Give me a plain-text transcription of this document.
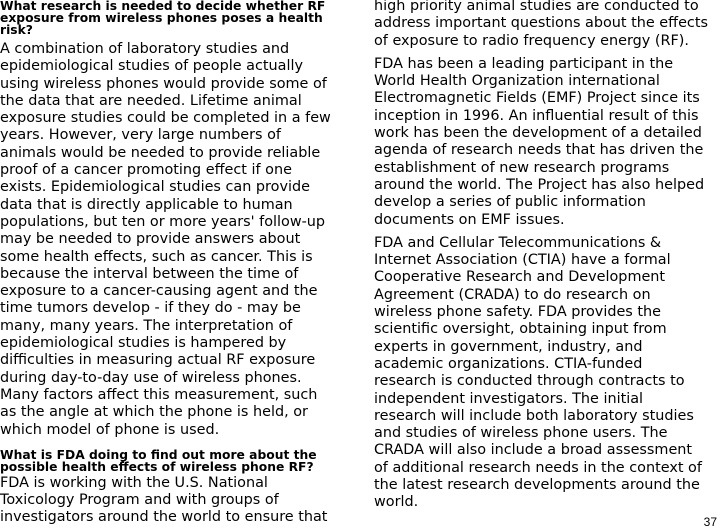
What research is needed to decide whether RF exposure from wireless phones poses a health risk?

A combination of laboratory studies and epidemiological studies of people actually using wireless phones would provide some of the data that are needed. Lifetime animal exposure studies could be completed in a few years. However, very large numbers of animals would be needed to provide reliable proof of a cancer promoting effect if one exists. Epidemiological studies can provide data that is directly applicable to human populations, but ten or more years' follow-up may be needed to provide answers about some health effects, such as cancer. This is because the interval between the time of exposure to a cancer-causing agent and the time tumors develop - if they do - may be many, many years. The interpretation of epidemiological studies is hampered by difficulties in measuring actual RF exposure during day-to-day use of wireless phones. Many factors affect this measurement, such as the angle at which the phone is held, or which model of phone is used.

What is FDA doing to find out more about the possible health effects of wireless phone RF?

FDA is working with the U.S. National Toxicology Program and with groups of investigators around the world to ensure that

high priority animal studies are conducted to address important questions about the effects of exposure to radio frequency energy (RF).

FDA has been a leading participant in the World Health Organization international Electromagnetic Fields (EMF) Project since its inception in 1996. An influential result of this work has been the development of a detailed agenda of research needs that has driven the establishment of new research programs around the world. The Project has also helped develop a series of public information documents on EMF issues.

FDA and Cellular Telecommunications & Internet Association (CTIA) have a formal Cooperative Research and Development Agreement (CRADA) to do research on wireless phone safety. FDA provides the scientific oversight, obtaining input from experts in government, industry, and academic organizations. CTIA-funded research is conducted through contracts to independent investigators. The initial research will include both laboratory studies and studies of wireless phone users. The CRADA will also include a broad assessment of additional research needs in the context of the latest research developments around the world.

37
